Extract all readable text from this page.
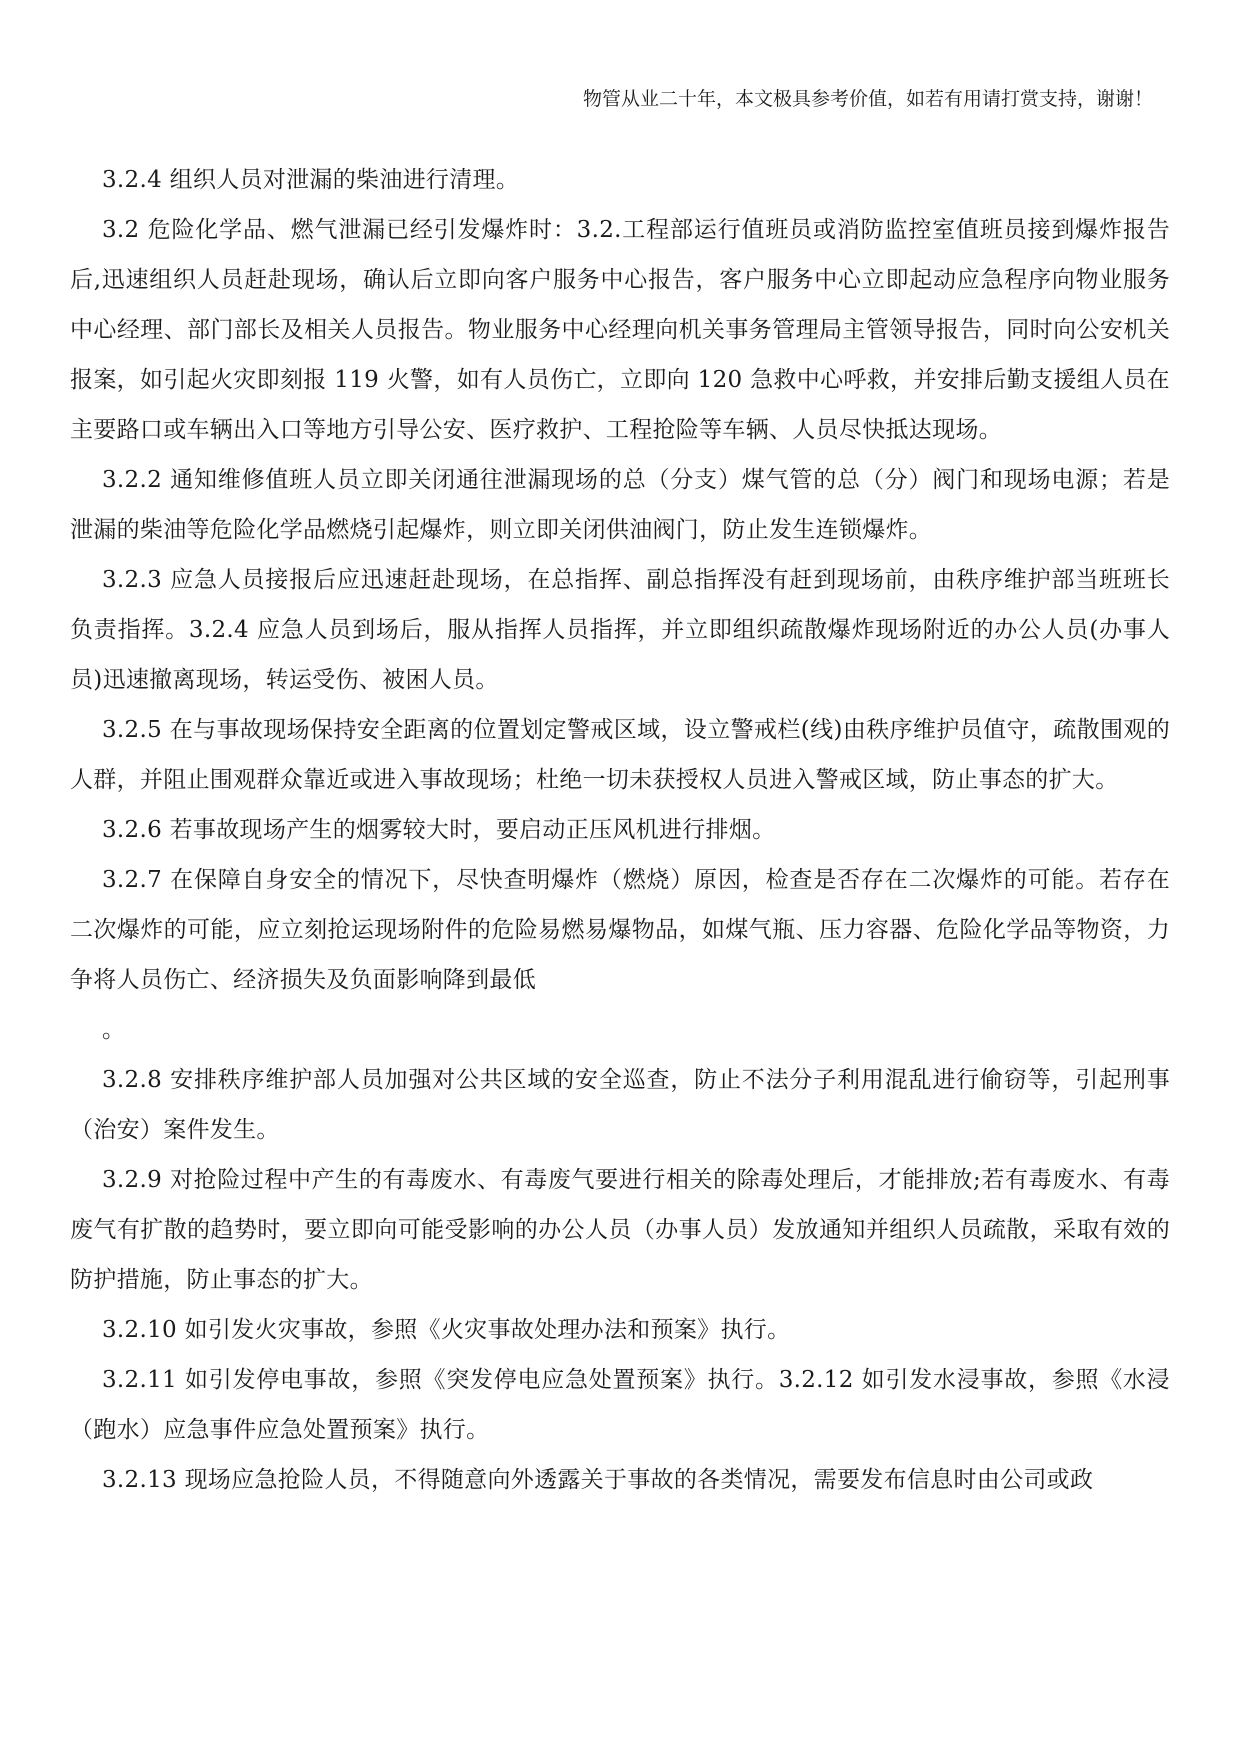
物管从业二十年，本文极具参考价值，如若有用请打赏支持，谢谢！

3.2.4 组织人员对泄漏的柴油进行清理。

3.2 危险化学品、燃气泄漏已经引发爆炸时：3.2.工程部运行值班员或消防监控室值班员接到爆炸报告后,迅速组织人员赶赴现场，确认后立即向客户服务中心报告，客户服务中心立即起动应急程序向物业服务中心经理、部门部长及相关人员报告。物业服务中心经理向机关事务管理局主管领导报告，同时向公安机关报案，如引起火灾即刻报 119 火警，如有人员伤亡，立即向 120 急救中心呼救，并安排后勤支援组人员在主要路口或车辆出入口等地方引导公安、医疗救护、工程抢险等车辆、人员尽快抵达现场。

3.2.2 通知维修值班人员立即关闭通往泄漏现场的总（分支）煤气管的总（分）阀门和现场电源；若是泄漏的柴油等危险化学品燃烧引起爆炸，则立即关闭供油阀门，防止发生连锁爆炸。

3.2.3 应急人员接报后应迅速赶赴现场，在总指挥、副总指挥没有赶到现场前，由秩序维护部当班班长负责指挥。3.2.4 应急人员到场后，服从指挥人员指挥，并立即组织疏散爆炸现场附近的办公人员(办事人员)迅速撤离现场，转运受伤、被困人员。

3.2.5 在与事故现场保持安全距离的位置划定警戒区域，设立警戒栏(线)由秩序维护员值守，疏散围观的人群，并阻止围观群众靠近或进入事故现场；杜绝一切未获授权人员进入警戒区域，防止事态的扩大。

3.2.6 若事故现场产生的烟雾较大时，要启动正压风机进行排烟。

3.2.7 在保障自身安全的情况下，尽快查明爆炸（燃烧）原因，检查是否存在二次爆炸的可能。若存在二次爆炸的可能，应立刻抢运现场附件的危险易燃易爆物品，如煤气瓶、压力容器、危险化学品等物资，力争将人员伤亡、经济损失及负面影响降到最低

。

3.2.8 安排秩序维护部人员加强对公共区域的安全巡查，防止不法分子利用混乱进行偷窃等，引起刑事（治安）案件发生。

3.2.9 对抢险过程中产生的有毒废水、有毒废气要进行相关的除毒处理后，才能排放;若有毒废水、有毒废气有扩散的趋势时，要立即向可能受影响的办公人员（办事人员）发放通知并组织人员疏散，采取有效的防护措施，防止事态的扩大。

3.2.10 如引发火灾事故，参照《火灾事故处理办法和预案》执行。

3.2.11 如引发停电事故，参照《突发停电应急处置预案》执行。3.2.12 如引发水浸事故，参照《水浸（跑水）应急事件应急处置预案》执行。

3.2.13 现场应急抢险人员，不得随意向外透露关于事故的各类情况，需要发布信息时由公司或政
